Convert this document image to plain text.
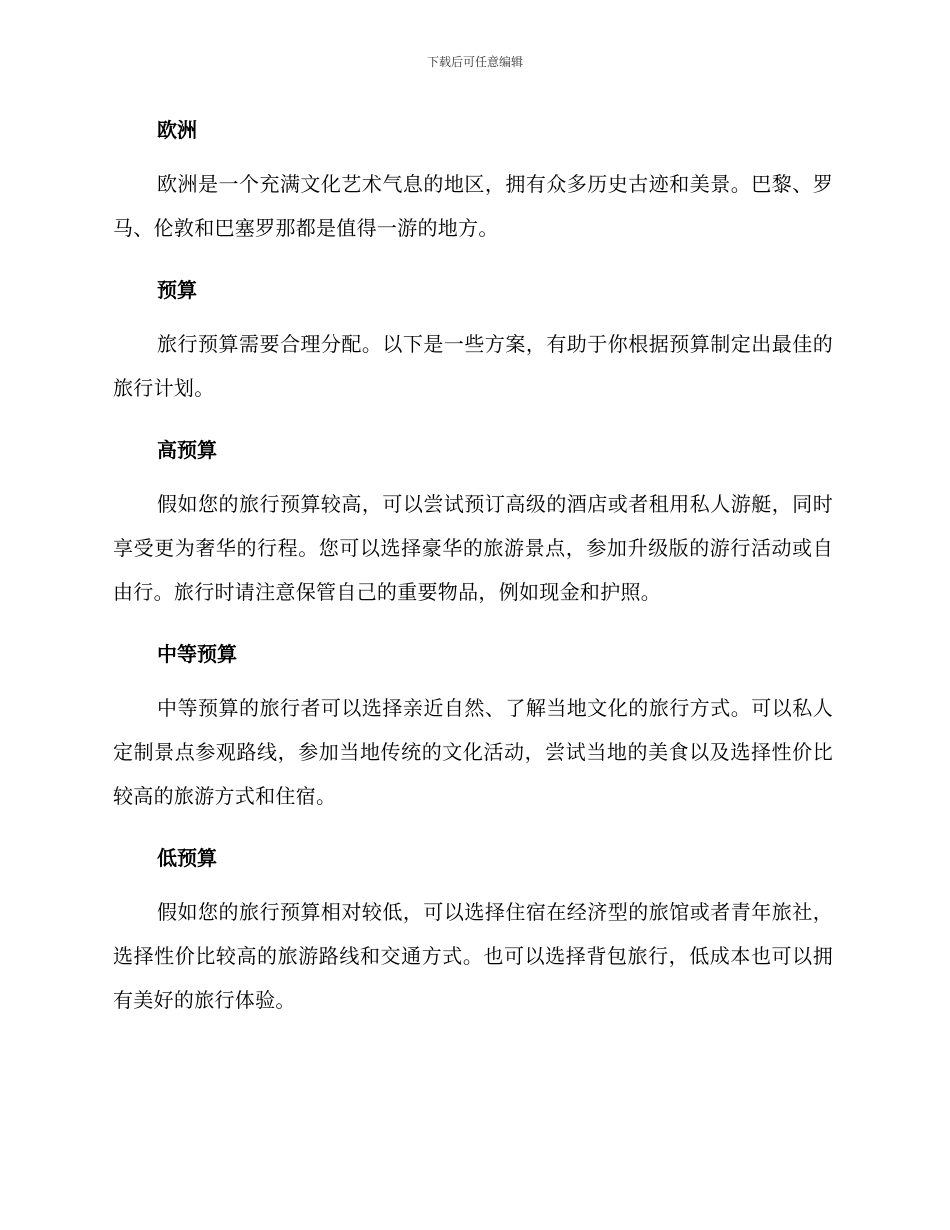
下载后可任意编辑
欧洲

欧洲是一个充满文化艺术气息的地区，拥有众多历史古迹和美景。巴黎、罗马、伦敦和巴塞罗那都是值得一游的地方。

预算

旅行预算需要合理分配。以下是一些方案，有助于你根据预算制定出最佳的旅行计划。

高预算

假如您的旅行预算较高，可以尝试预订高级的酒店或者租用私人游艇，同时享受更为奢华的行程。您可以选择豪华的旅游景点，参加升级版的游行活动或自由行。旅行时请注意保管自己的重要物品，例如现金和护照。

中等预算

中等预算的旅行者可以选择亲近自然、了解当地文化的旅行方式。可以私人定制景点参观路线，参加当地传统的文化活动，尝试当地的美食以及选择性价比较高的旅游方式和住宿。

低预算

假如您的旅行预算相对较低，可以选择住宿在经济型的旅馆或者青年旅社，选择性价比较高的旅游路线和交通方式。也可以选择背包旅行，低成本也可以拥有美好的旅行体验。
